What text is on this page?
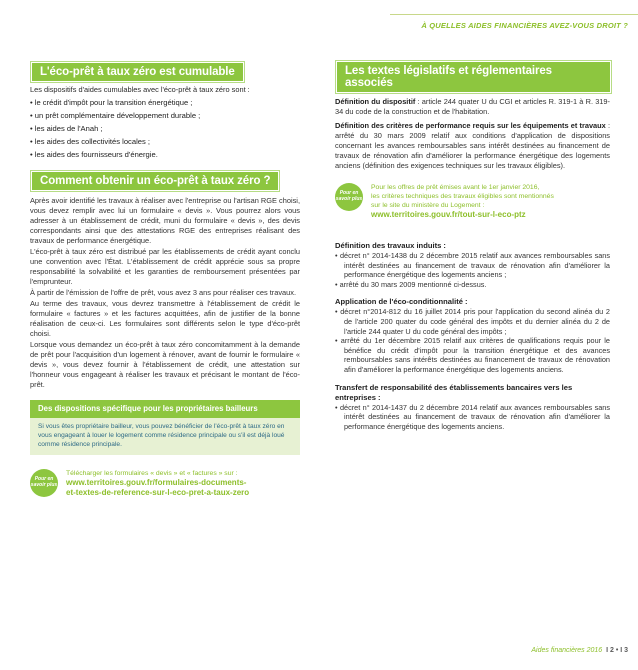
À QUELLES AIDES FINANCIÈRES AVEZ-VOUS DROIT ?
L'éco-prêt à taux zéro est cumulable

Les dispositifs d'aides cumulables avec l'éco-prêt à taux zéro sont :

• le crédit d'impôt pour la transition énergétique ;
• un prêt complémentaire développement durable ;
• les aides de l'Anah ;
• les aides des collectivités locales ;
• les aides des fournisseurs d'énergie.
Comment obtenir un éco-prêt à taux zéro ?

Après avoir identifié les travaux à réaliser avec l'entreprise ou l'artisan RGE choisi, vous devez remplir avec lui un formulaire « devis ». Vous pourrez alors vous adresser à un établissement de crédit, muni du formulaire « devis », des devis correspondants ainsi que des attestations RGE des entreprises réalisant des travaux de performance énergétique.

L'éco-prêt à taux zéro est distribué par les établissements de crédit ayant conclu une convention avec l'État. L'établissement de crédit apprécie sous sa propre responsabilité la solvabilité et les garanties de remboursement présentées par l'emprunteur.

À partir de l'émission de l'offre de prêt, vous avez 3 ans pour réaliser ces travaux.

Au terme des travaux, vous devrez transmettre à l'établissement de crédit le formulaire « factures » et les factures acquittées, afin de justifier de la bonne réalisation de ceux-ci. Les formulaires sont différents selon le type d'éco-prêt choisi.

Lorsque vous demandez un éco-prêt à taux zéro concomitamment à la demande de prêt pour l'acquisition d'un logement à rénover, avant de fournir le formulaire « devis », vous devez fournir à l'établissement de crédit, une attestation sur l'honneur vous engageant à réaliser les travaux et précisant le montant de l'éco-prêt.

Des dispositions spécifique pour les propriétaires bailleurs
Si vous êtes propriétaire bailleur, vous pouvez bénéficier de l'éco-prêt à taux zéro en vous engageant à louer le logement comme résidence principale ou s'il est déjà loué comme résidence principale.
Pour en savoir plus
Télécharger les formulaires « devis » et « factures » sur :
www.territoires.gouv.fr/formulaires-documents-
et-textes-de-reference-sur-l-eco-pret-a-taux-zero
Les textes législatifs et réglementaires associés

Définition du dispositif : article 244 quater U du CGI et articles R. 319-1 à R. 319-34 du code de la construction et de l'habitation.

Définition des critères de performance requis sur les équipements et travaux : arrêté du 30 mars 2009 relatif aux conditions d'application de dispositions concernant les avances remboursables sans intérêt destinées au financement de travaux de rénovation afin d'améliorer la performance énergétique des logements anciens (définition des exigences techniques sur les travaux éligibles).

Pour en savoir plus
Pour les offres de prêt émises avant le 1er janvier 2016,
les critères techniques des travaux éligibles sont mentionnés
sur le site du ministère du Logement :
www.territoires.gouv.fr/tout-sur-l-eco-ptz

Définition des travaux induits :

• décret n° 2014-1438 du 2 décembre 2015 relatif aux avances remboursables sans intérêt destinées au financement de travaux de rénovation afin d'améliorer la performance énergétique des logements anciens ;
• arrêté du 30 mars 2009 mentionné ci-dessus.

Application de l'éco-conditionnalité :

• décret n°2014-812 du 16 juillet 2014 pris pour l'application du second alinéa du 2 de l'article 200 quater du code général des impôts et du dernier alinéa du 2 de l'article 244 quater U du code général des impôts ;
• arrêté du 1er décembre 2015 relatif aux critères de qualifications requis pour le bénéfice du crédit d'impôt pour la transition énergétique et des avances remboursables sans intérêts destinées au financement de travaux de rénovation afin d'améliorer la performance énergétique des logements anciens.

Transfert de responsabilité des établissements bancaires vers les entreprises :

• décret n° 2014-1437 du 2 décembre 2014 relatif aux avances remboursables sans intérêt destinées au financement de travaux de rénovation afin d'améliorer la performance énergétique des logements anciens.
Aides financières 2016 I 2 • I 3
